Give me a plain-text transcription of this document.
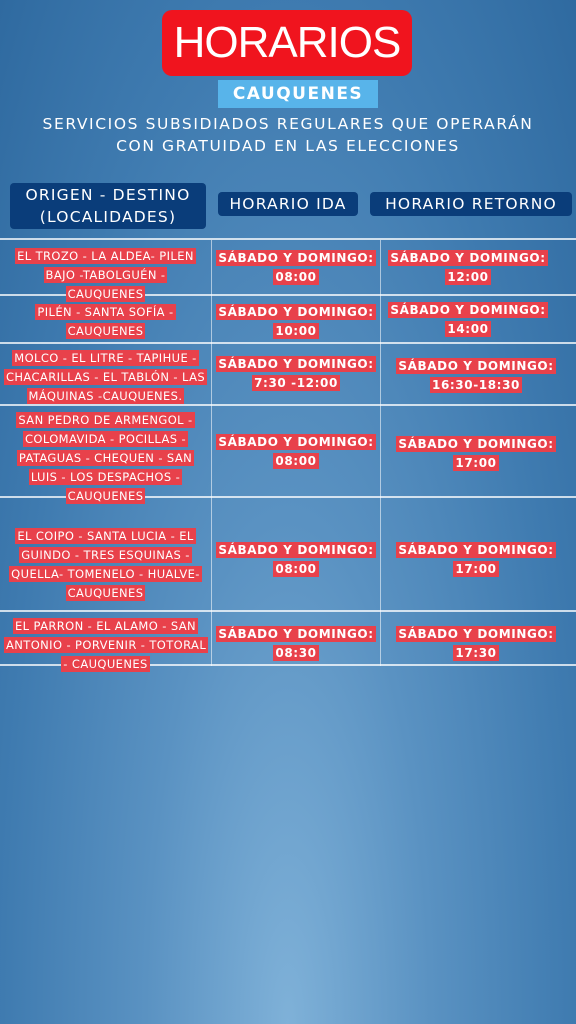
HORARIOS
CAUQUENES
SERVICIOS SUBSIDIADOS REGULARES QUE OPERARÁN
CON GRATUIDAD EN LAS ELECCIONES
ORIGEN - DESTINO
(LOCALIDADES)
HORARIO IDA	HORARIO RETORNO
EL TROZO - LA ALDEA- PILEN BAJO -TABOLGUÉN - CAUQUENES
SÁBADO Y DOMINGO:
08:00
SÁBADO Y DOMINGO:
12:00
PILÉN - SANTA SOFÍA - CAUQUENES
SÁBADO Y DOMINGO:
10:00
SÁBADO Y DOMINGO:
14:00
MOLCO - EL LITRE - TAPIHUE - CHACARILLAS - EL TABLÓN - LAS MÁQUINAS -CAUQUENES.
SÁBADO Y DOMINGO:
7:30 -12:00
SÁBADO Y DOMINGO:
16:30-18:30
SAN PEDRO DE ARMENGOL - COLOMAVIDA - POCILLAS - PATAGUAS - CHEQUEN - SAN LUIS - LOS DESPACHOS - CAUQUENES
SÁBADO Y DOMINGO:
08:00
SÁBADO Y DOMINGO:
17:00
EL COIPO - SANTA LUCIA - EL GUINDO - TRES ESQUINAS - QUELLA- TOMENELO - HUALVE- CAUQUENES
SÁBADO Y DOMINGO:
08:00
SÁBADO Y DOMINGO:
17:00
EL PARRON - EL ALAMO - SAN ANTONIO - PORVENIR - TOTORAL - CAUQUENES
SÁBADO Y DOMINGO:
08:30
SÁBADO Y DOMINGO:
17:30
